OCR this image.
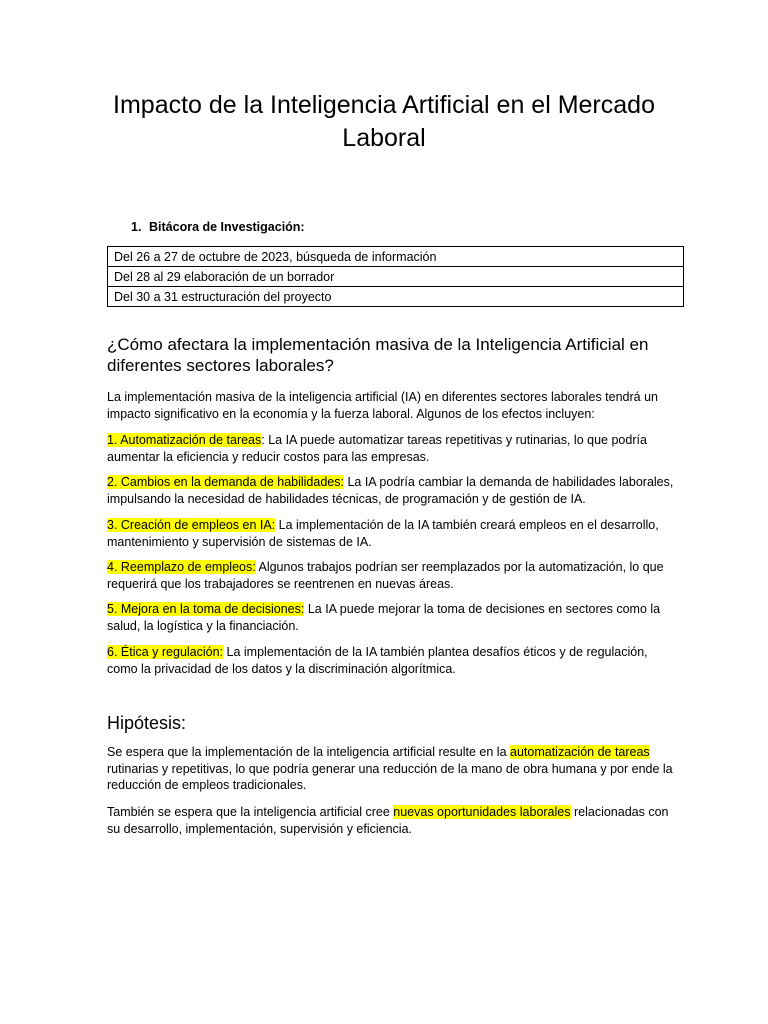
Impacto de la Inteligencia Artificial en el Mercado Laboral
1. Bitácora de Investigación:
Del 26 a 27 de octubre de 2023, búsqueda de información
Del 28 al 29 elaboración de un borrador
Del 30 a 31 estructuración del proyecto
¿Cómo afectara la implementación masiva de la Inteligencia Artificial en diferentes sectores laborales?

La implementación masiva de la inteligencia artificial (IA) en diferentes sectores laborales tendrá un impacto significativo en la economía y la fuerza laboral. Algunos de los efectos incluyen:

1. Automatización de tareas: La IA puede automatizar tareas repetitivas y rutinarias, lo que podría aumentar la eficiencia y reducir costos para las empresas.

2. Cambios en la demanda de habilidades: La IA podría cambiar la demanda de habilidades laborales, impulsando la necesidad de habilidades técnicas, de programación y de gestión de IA.

3. Creación de empleos en IA: La implementación de la IA también creará empleos en el desarrollo, mantenimiento y supervisión de sistemas de IA.

4. Reemplazo de empleos: Algunos trabajos podrían ser reemplazados por la automatización, lo que requerirá que los trabajadores se reentrenen en nuevas áreas.

5. Mejora en la toma de decisiones: La IA puede mejorar la toma de decisiones en sectores como la salud, la logística y la financiación.

6. Ética y regulación: La implementación de la IA también plantea desafíos éticos y de regulación, como la privacidad de los datos y la discriminación algorítmica.

Hipótesis:

Se espera que la implementación de la inteligencia artificial resulte en la automatización de tareas rutinarias y repetitivas, lo que podría generar una reducción de la mano de obra humana y por ende la reducción de empleos tradicionales.

También se espera que la inteligencia artificial cree nuevas oportunidades laborales relacionadas con su desarrollo, implementación, supervisión y eficiencia.
